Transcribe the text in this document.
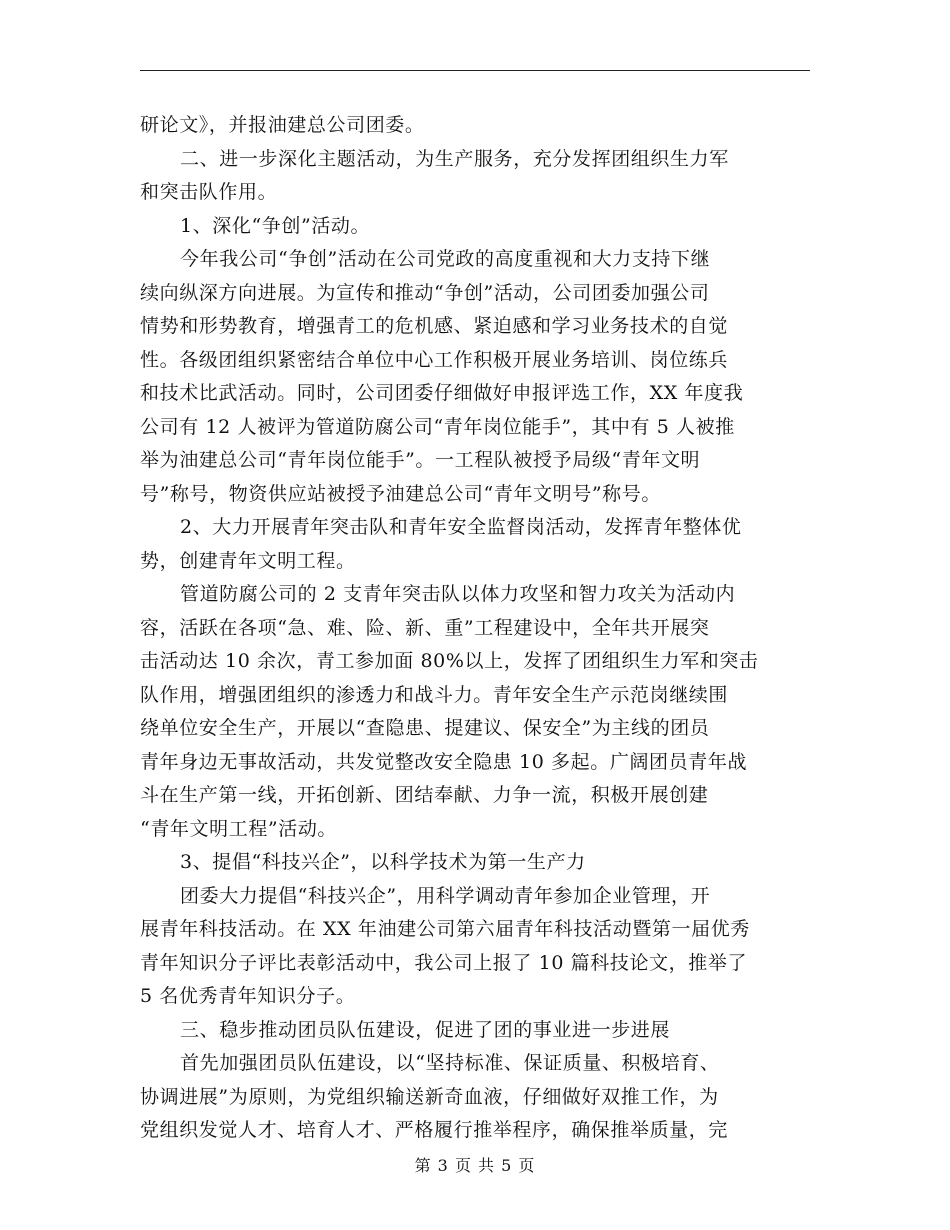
研论文》，并报油建总公司团委。
二、进一步深化主题活动，为生产服务，充分发挥团组织生力军
和突击队作用。
1、深化“争创”活动。
今年我公司“争创”活动在公司党政的高度重视和大力支持下继
续向纵深方向进展。为宣传和推动“争创”活动，公司团委加强公司
情势和形势教育，增强青工的危机感、紧迫感和学习业务技术的自觉
性。各级团组织紧密结合单位中心工作积极开展业务培训、岗位练兵
和技术比武活动。同时，公司团委仔细做好申报评选工作，XX 年度我
公司有 12 人被评为管道防腐公司“青年岗位能手”，其中有 5 人被推
举为油建总公司“青年岗位能手”。一工程队被授予局级“青年文明
号”称号，物资供应站被授予油建总公司“青年文明号”称号。
2、大力开展青年突击队和青年安全监督岗活动，发挥青年整体优
势，创建青年文明工程。
管道防腐公司的 2 支青年突击队以体力攻坚和智力攻关为活动内
容，活跃在各项“急、难、险、新、重”工程建设中，全年共开展突
击活动达 10 余次，青工参加面 80%以上，发挥了团组织生力军和突击
队作用，增强团组织的渗透力和战斗力。青年安全生产示范岗继续围
绕单位安全生产，开展以“查隐患、提建议、保安全”为主线的团员
青年身边无事故活动，共发觉整改安全隐患 10 多起。广阔团员青年战
斗在生产第一线，开拓创新、团结奉献、力争一流，积极开展创建
“青年文明工程”活动。
3、提倡“科技兴企”，以科学技术为第一生产力
团委大力提倡“科技兴企”，用科学调动青年参加企业管理，开
展青年科技活动。在 XX 年油建公司第六届青年科技活动暨第一届优秀
青年知识分子评比表彰活动中，我公司上报了 10 篇科技论文，推举了
5 名优秀青年知识分子。
三、稳步推动团员队伍建设，促进了团的事业进一步进展
首先加强团员队伍建设，以“坚持标准、保证质量、积极培育、
协调进展”为原则，为党组织输送新奇血液，仔细做好双推工作，为
党组织发觉人才、培育人才、严格履行推举程序，确保推举质量，完
第 3 页 共 5 页
